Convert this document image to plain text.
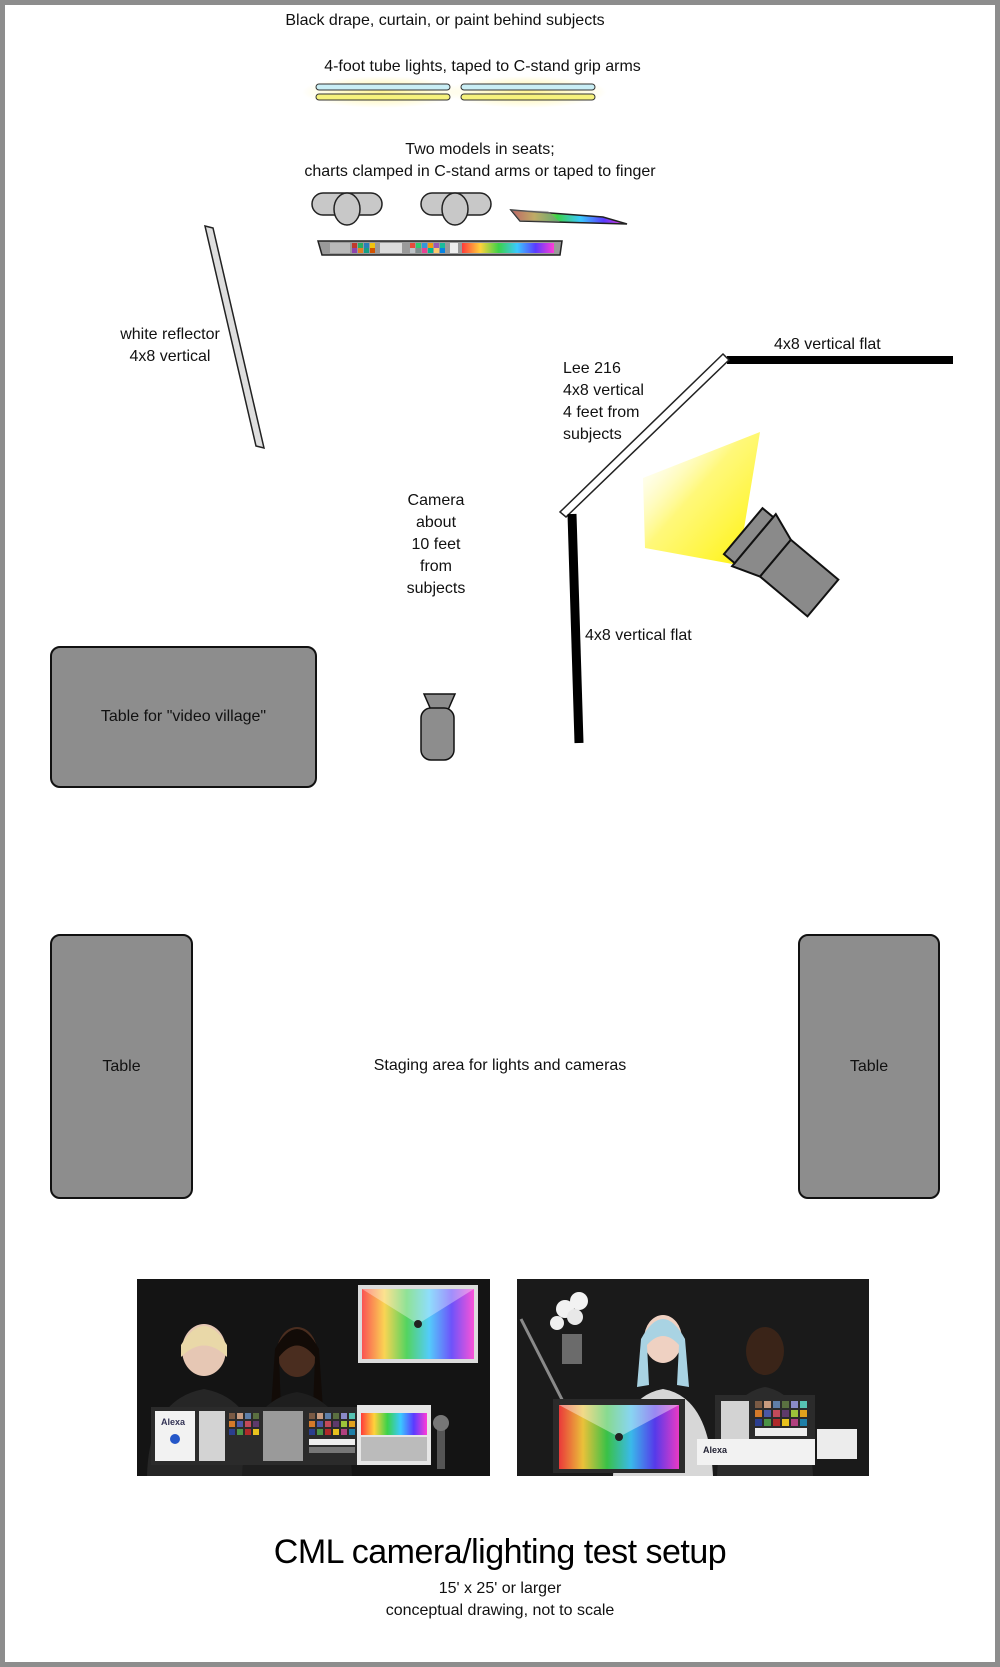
Black drape, curtain, or paint behind subjects
4-foot tube lights, taped to C-stand grip arms
Two models in seats;
charts clamped in C-stand arms or taped to finger
white reflector
4x8 vertical
4x8 vertical flat
Lee 216
4x8 vertical
4 feet from
subjects
Camera
about
10 feet
from
subjects
4x8 vertical flat
Staging area for lights and cameras
Table for "video village"
Table	Table
Alexa
Alexa
CML camera/lighting test setup
15' x 25' or larger
conceptual drawing, not to scale
